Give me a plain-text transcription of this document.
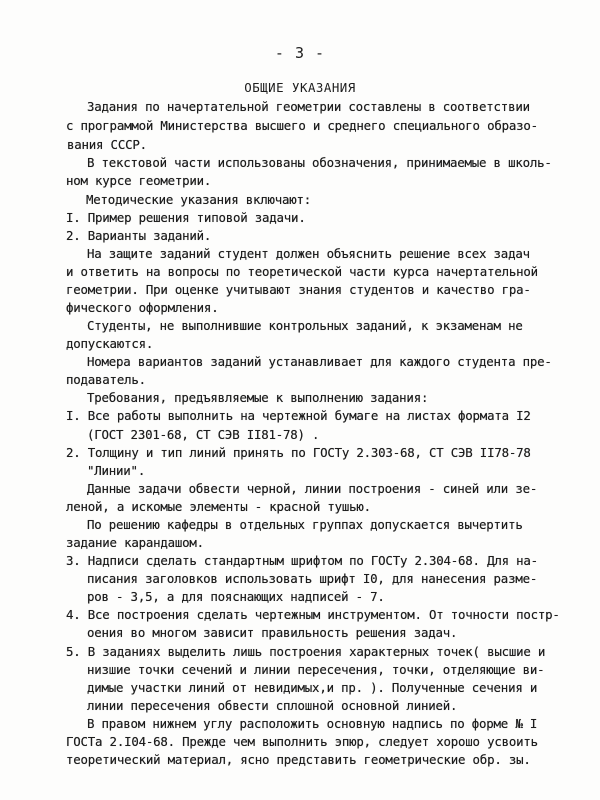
- 3 -
ОБЩИЕ УКАЗАНИЯ
Задания по начертательной геометрии составлены в соответствии
с программой Министерства высшего и среднего специального образо-
вания СССР.
В текстовой части использованы обозначения, принимаемые в школь-
ном курсе геометрии.
Методические указания включают:
I. Пример решения типовой задачи.
2. Варианты заданий.
На защите заданий студент должен объяснить решение всех задач
и ответить на вопросы по теоретической части курса начертательной
геометрии. При оценке учитывают знания студентов и качество гра-
фического оформления.
Студенты, не выполнившие контрольных заданий, к экзаменам не
допускаются.
Номера вариантов заданий устанавливает для каждого студента пре-
подаватель.
Требования, предъявляемые к выполнению задания:
I. Все работы выполнить на чертежной бумаге на листах формата I2
(ГОСТ 2301-68, СТ СЭВ II81-78) .
2. Толщину и тип линий принять по ГОСТу 2.303-68, СТ СЭВ II78-78
"Линии".
Данные задачи обвести черной, линии построения - синей или зе-
леной, а искомые элементы - красной тушью.
По решению кафедры в отдельных группах допускается вычертить
задание карандашом.
3. Надписи сделать стандартным шрифтом по ГОСТу 2.304-68. Для на-
писания заголовков использовать шрифт I0, для нанесения разме-
ров - 3,5, а для пояснающих надписей - 7.
4. Все построения сделать чертежным инструментом. От точности постр-
оения во многом зависит правильность решения задач.
5. В заданиях выделить лишь построения характерных точек( высшие и
низшие точки сечений и линии пересечения, точки, отделяющие ви-
димые участки линий от невидимых,и пр. ). Полученные сечения и
линии пересечения обвести сплошной основной линией.
В правом нижнем углу расположить основную надпись по форме № I
ГОСТа 2.I04-68. Прежде чем выполнить эпюр, следует хорошо усвоить
теоретический материал, ясно представить геометрические обр. зы.
